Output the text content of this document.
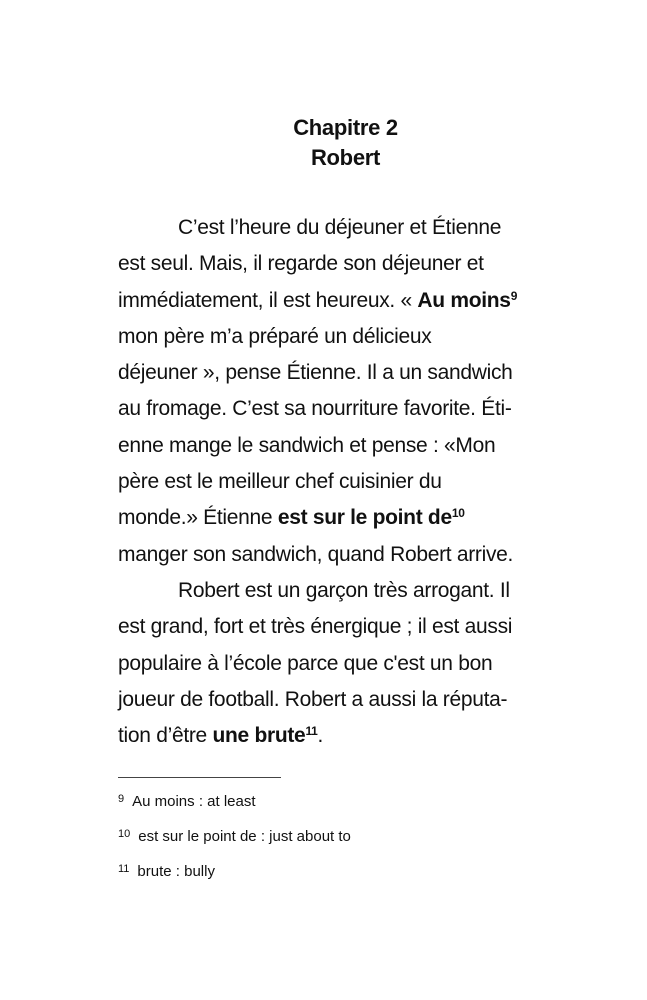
Chapitre 2
Robert
C’est l’heure du déjeuner et Étienne
est seul. Mais, il regarde son déjeuner et
immédiatement, il est heureux. « Au moins$^9$
mon père m’a préparé un délicieux
déjeuner », pense Étienne. Il a un sandwich
au fromage. C’est sa nourriture favorite. Éti-
enne mange le sandwich et pense : «Mon
père est le meilleur chef cuisinier du
monde.» Étienne est sur le point de$^{10}$
manger son sandwich, quand Robert arrive.
Robert est un garçon très arrogant. Il
est grand, fort et très énergique ; il est aussi
populaire à l’école parce que c'est un bon
joueur de football. Robert a aussi la réputa-
tion d’être une brute$^{11}$.
$^9$ Au moins : at least
$^{10}$ est sur le point de : just about to
$^{11}$ brute : bully
